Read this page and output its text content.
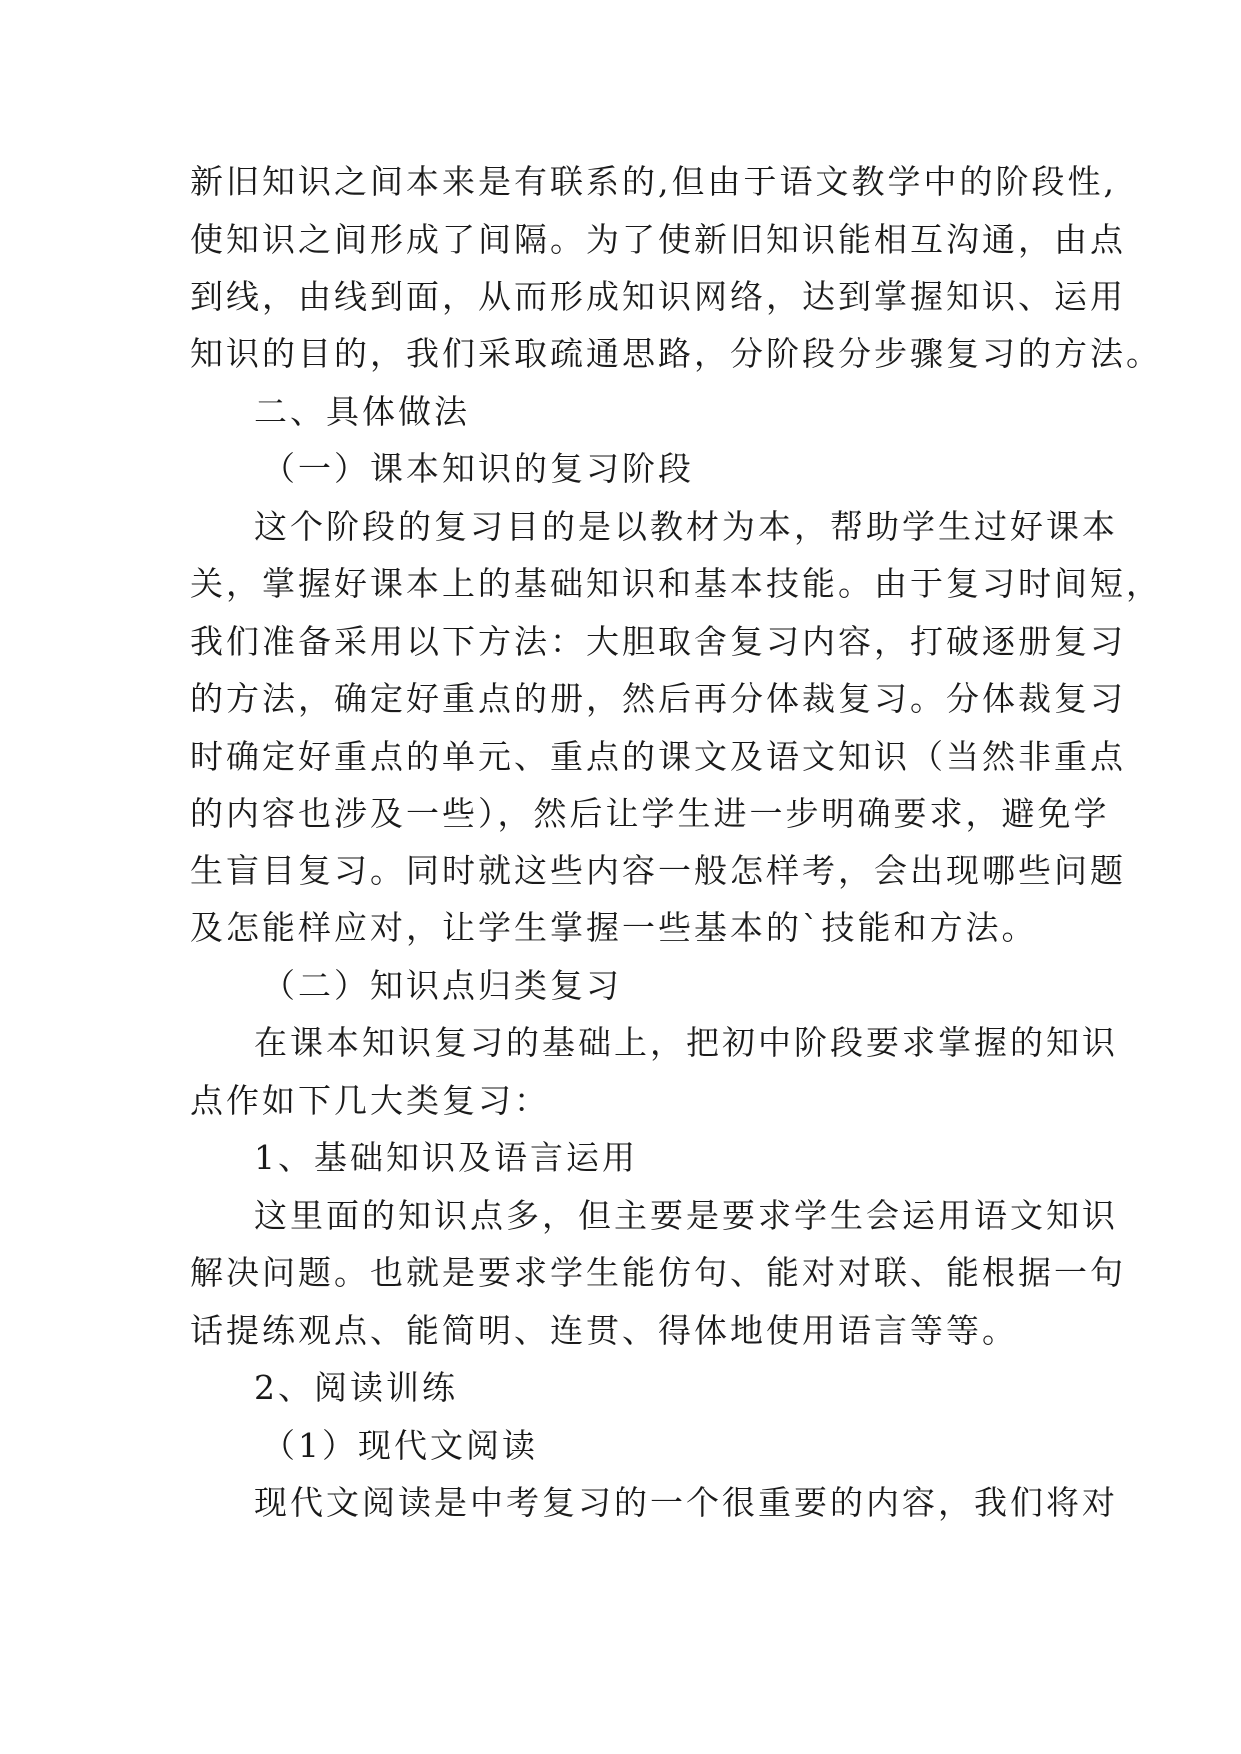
新旧知识之间本来是有联系的,但由于语文教学中的阶段性,
使知识之间形成了间隔。为了使新旧知识能相互沟通，由点
到线，由线到面，从而形成知识网络，达到掌握知识、运用
知识的目的，我们采取疏通思路，分阶段分步骤复习的方法。
二、具体做法
（一）课本知识的复习阶段
这个阶段的复习目的是以教材为本，帮助学生过好课本
关，掌握好课本上的基础知识和基本技能。由于复习时间短，
我们准备采用以下方法：大胆取舍复习内容，打破逐册复习
的方法，确定好重点的册，然后再分体裁复习。分体裁复习
时确定好重点的单元、重点的课文及语文知识（当然非重点
的内容也涉及一些），然后让学生进一步明确要求，避免学
生盲目复习。同时就这些内容一般怎样考，会出现哪些问题
及怎能样应对，让学生掌握一些基本的`技能和方法。
（二）知识点归类复习
在课本知识复习的基础上，把初中阶段要求掌握的知识
点作如下几大类复习：
1、基础知识及语言运用
这里面的知识点多，但主要是要求学生会运用语文知识
解决问题。也就是要求学生能仿句、能对对联、能根据一句
话提练观点、能简明、连贯、得体地使用语言等等。
2、阅读训练
（1）现代文阅读
现代文阅读是中考复习的一个很重要的内容，我们将对
